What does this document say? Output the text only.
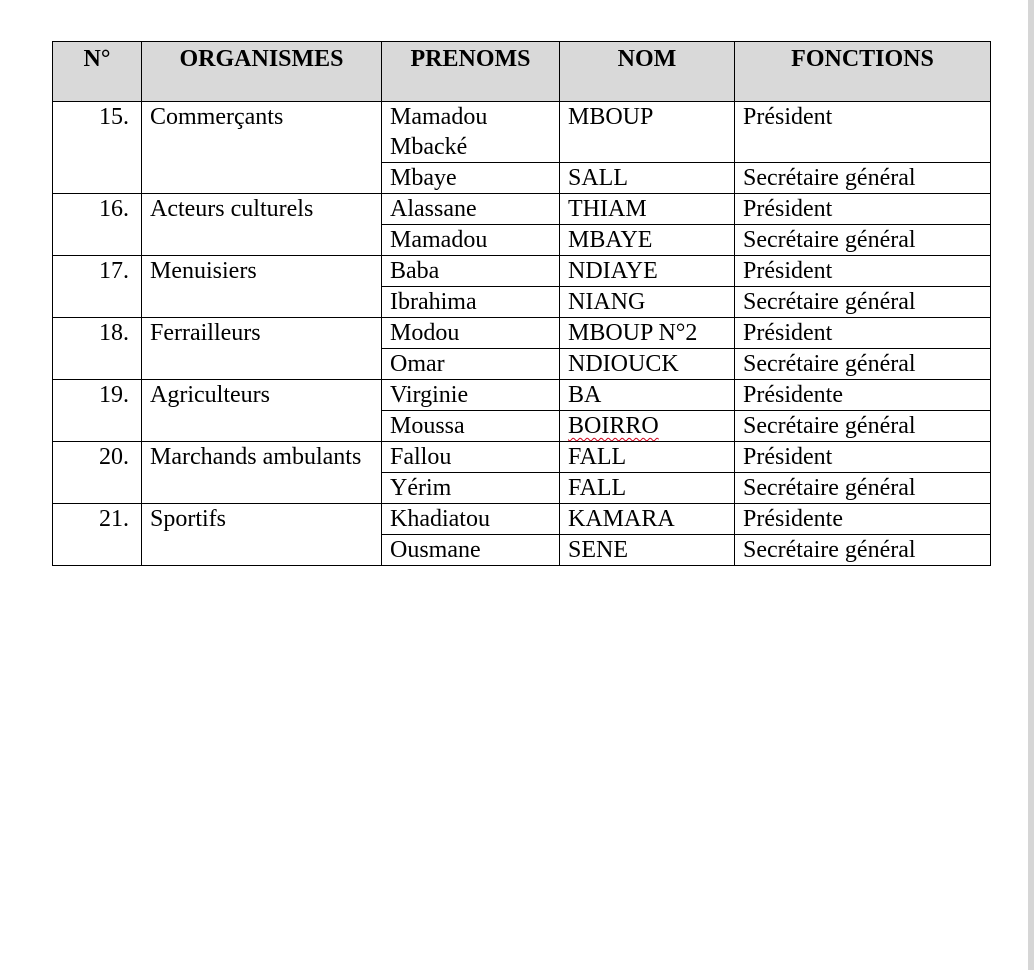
N°	ORGANISMES	PRENOMS	NOM	FONCTIONS
15.	Commerçants	Mamadou Mbacké	MBOUP	Président
		Mbaye	SALL	Secrétaire général
16.	Acteurs culturels	Alassane	THIAM	Président
		Mamadou	MBAYE	Secrétaire général
17.	Menuisiers	Baba	NDIAYE	Président
		Ibrahima	NIANG	Secrétaire général
18.	Ferrailleurs	Modou	MBOUP N°2	Président
		Omar	NDIOUCK	Secrétaire général
19.	Agriculteurs	Virginie	BA	Présidente
		Moussa	BOIRRO	Secrétaire général
20.	Marchands ambulants	Fallou	FALL	Président
		Yérim	FALL	Secrétaire général
21.	Sportifs	Khadiatou	KAMARA	Présidente
		Ousmane	SENE	Secrétaire général
